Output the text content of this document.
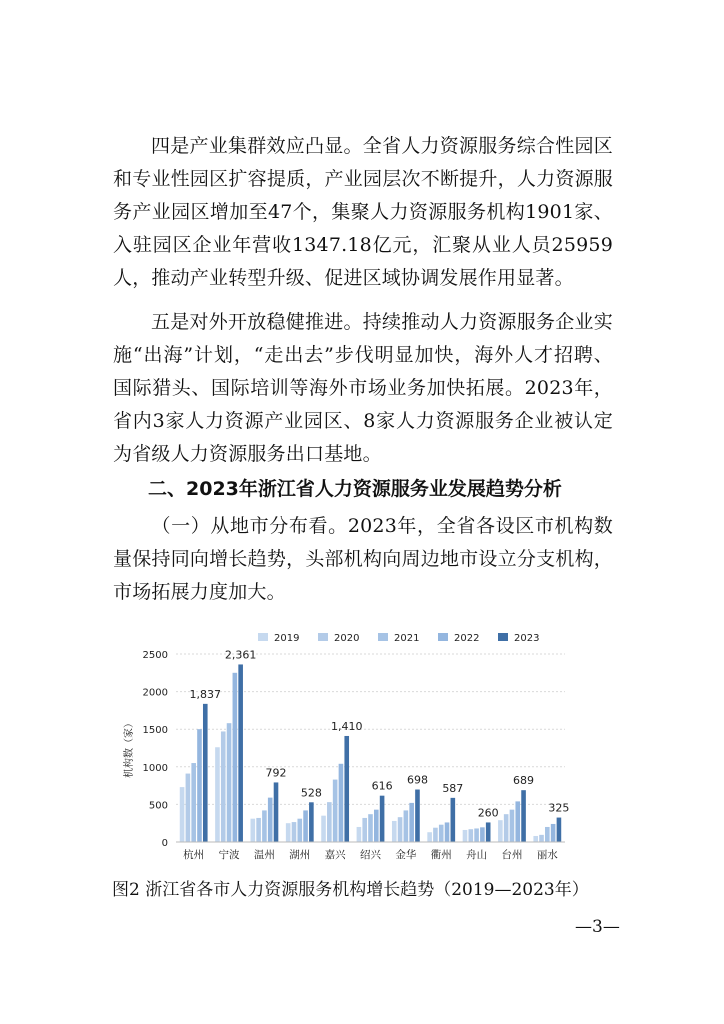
四是产业集群效应凸显。全省人力资源服务综合性园区和专业性园区扩容提质，产业园层次不断提升，人力资源服务产业园区增加至47个，集聚人力资源服务机构1901家、入驻园区企业年营收1347.18亿元，汇聚从业人员25959人，推动产业转型升级、促进区域协调发展作用显著。

五是对外开放稳健推进。持续推动人力资源服务企业实施“出海”计划，“走出去”步伐明显加快，海外人才招聘、国际猎头、国际培训等海外市场业务加快拓展。2023年，省内3家人力资源产业园区、8家人力资源服务企业被认定为省级人力资源服务出口基地。

二、2023年浙江省人力资源服务业发展趋势分析

（一）从地市分布看。2023年，全省各设区市机构数量保持同向增长趋势，头部机构向周边地市设立分支机构，市场拓展力度加大。

0
500
1000
1500
2000
2500
机构数（家）
2019	2020	2021	2022	2023
1,837
杭州
2,361
宁波
792
温州
528
湖州
1,410
嘉兴
616
绍兴
698
金华
587
衢州
260
舟山
689
台州
325
丽水

图2 浙江省各市人力资源服务机构增长趋势（2019—2023年）

—3—
